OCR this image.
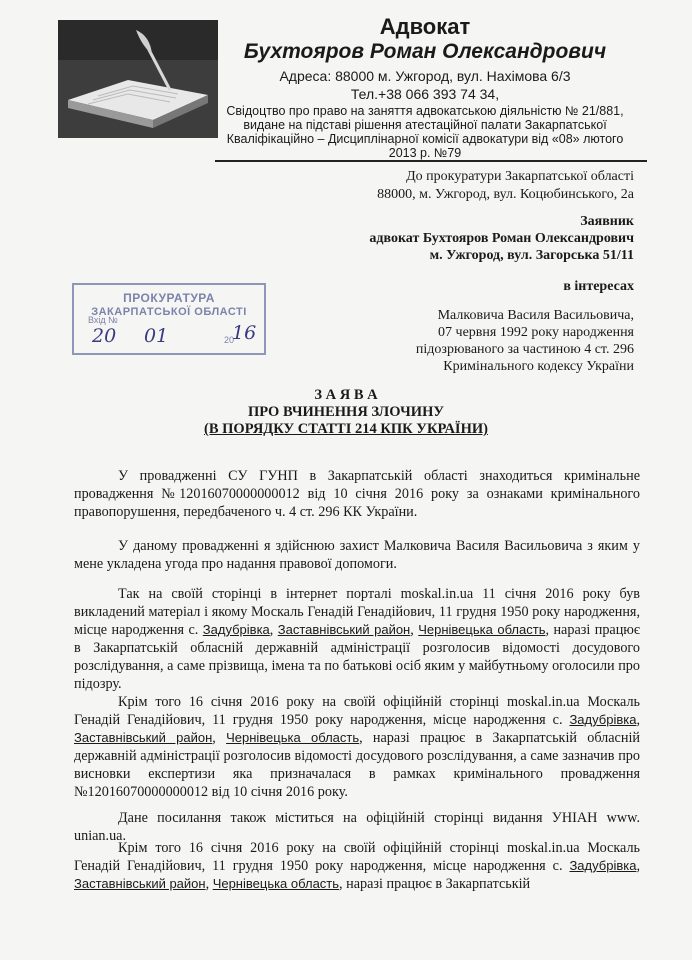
Адвокат
Бухтояров Роман Олександрович
Адреса: 88000 м. Ужгород, вул. Нахімова 6/3
Тел.+38 066 393 74 34,
Свідоцтво про право на заняття адвокатською діяльністю № 21/881,
видане на підставі рішення атестаційної палати Закарпатської
Кваліфікаційно – Дисциплінарної комісії адвокатури від «08» лютого
2013 р. №79
До прокуратури Закарпатської області
88000, м. Ужгород, вул. Коцюбинського, 2а
Заявник
адвокат Бухтояров Роман Олександрович
м. Ужгород, вул. Загорська 51/11
в інтересах
Малковича Василя Васильовича,
07 червня 1992 року народження
підозрюваного за частиною 4 ст. 296
Кримінального кодексу України
ПРОКУРАТУРА
ЗАКАРПАТСЬКОЇ ОБЛАСТІ
Вхід №
20
20 01	16
З А Я В А
ПРО ВЧИНЕННЯ ЗЛОЧИНУ
(В ПОРЯДКУ СТАТТІ 214 КПК УКРАЇНИ)
У провадженні СУ ГУНП в Закарпатській області знаходиться кримінальне провадження №12016070000000012 від 10 січня 2016 року за ознаками кримінального правопорушення, передбаченого ч. 4 ст. 296 КК України.
У даному провадженні я здійснюю захист Малковича Василя Васильовича з яким у мене укладена угода про надання правової допомоги.
Так на своїй сторінці в інтернет порталі moskal.in.ua 11 січня 2016 року був викладений матеріал і якому Москаль Генадій Генадійович, 11 грудня 1950 року народження, місце народження с. Задубрівка, Заставнівський район, Чернівецька область, наразі працює в Закарпатській обласній державній адміністрації розголосив відомості досудового розслідування, а саме прізвища, імена та по батькові осіб яким у майбутньому оголосили про підозру.
Крім того 16 січня 2016 року на своїй офіційній сторінці moskal.in.ua Москаль Генадій Генадійович, 11 грудня 1950 року народження, місце народження с. Задубрівка, Заставнівський район, Чернівецька область, наразі працює в Закарпатській обласній державній адміністрації розголосив відомості досудового розслідування, а саме зазначив про висновки експертизи яка призначалася в рамках кримінального провадження №12016070000000012 від 10 січня 2016 року.
Дане посилання також міститься на офіційній сторінці видання УНІАН www. unian.ua.
Крім того 16 січня 2016 року на своїй офіційній сторінці moskal.in.ua Москаль Генадій Генадійович, 11 грудня 1950 року народження, місце народження с. Задубрівка, Заставнівський район, Чернівецька область, наразі працює в Закарпатській
